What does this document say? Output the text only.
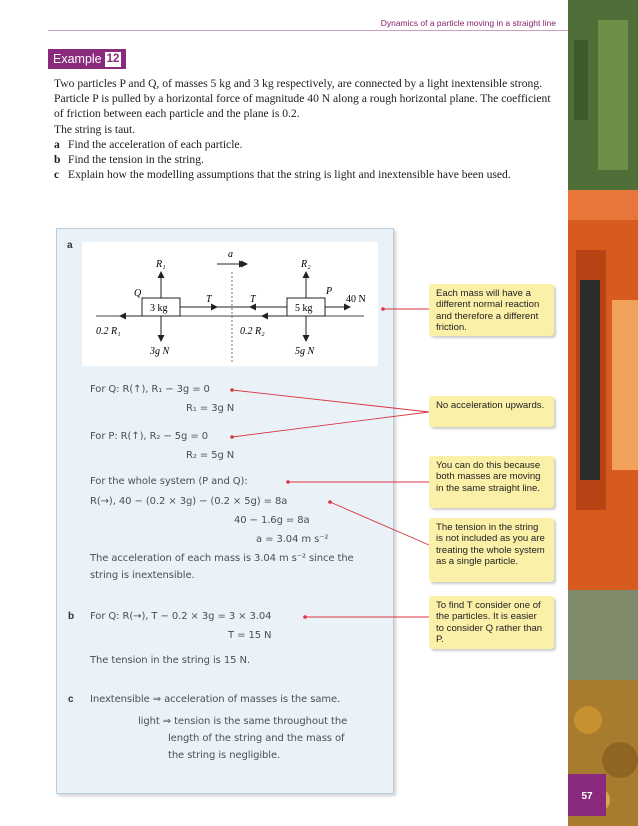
Dynamics of a particle moving in a straight line
Example 12

Two particles P and Q, of masses 5 kg and 3 kg respectively, are connected by a light inextensible strong. Particle P is pulled by a horizontal force of magnitude 40 N along a rough horizontal plane. The coefficient of friction between each particle and the plane is 0.2.

The string is taut.

a Find the acceleration of each particle.

b Find the tension in the string.

c Explain how the modelling assumptions that the string is light and inextensible have been used.

a
a
3 kg
Q
5 kg
P
T	T
R₁	R₂
3g N	5g N
40 N
0.2 R₁	0.2 R₂
For Q: R(↑), R₁ − 3g = 0
R₁ = 3g N
For P: R(↑), R₂ − 5g = 0
R₂ = 5g N
For the whole system (P and Q):
R(→), 40 − (0.2 × 3g) − (0.2 × 5g) = 8a
40 − 1.6g = 8a
a = 3.04 m s⁻²
The acceleration of each mass is 3.04 m s⁻² since the
string is inextensible.
b For Q: R(→), T − 0.2 × 3g = 3 × 3.04
T = 15 N
The tension in the string is 15 N.
c Inextensible ⇒ acceleration of masses is the same.
light ⇒ tension is the same throughout the
length of the string and the mass of
the string is negligible.
Each mass will have a different normal reaction and therefore a different friction.
No acceleration upwards.
You can do this because both masses are moving in the same straight line.
The tension in the string is not included as you are treating the whole system as a single particle.
To find T consider one of the particles. It is easier to consider Q rather than P.
57
